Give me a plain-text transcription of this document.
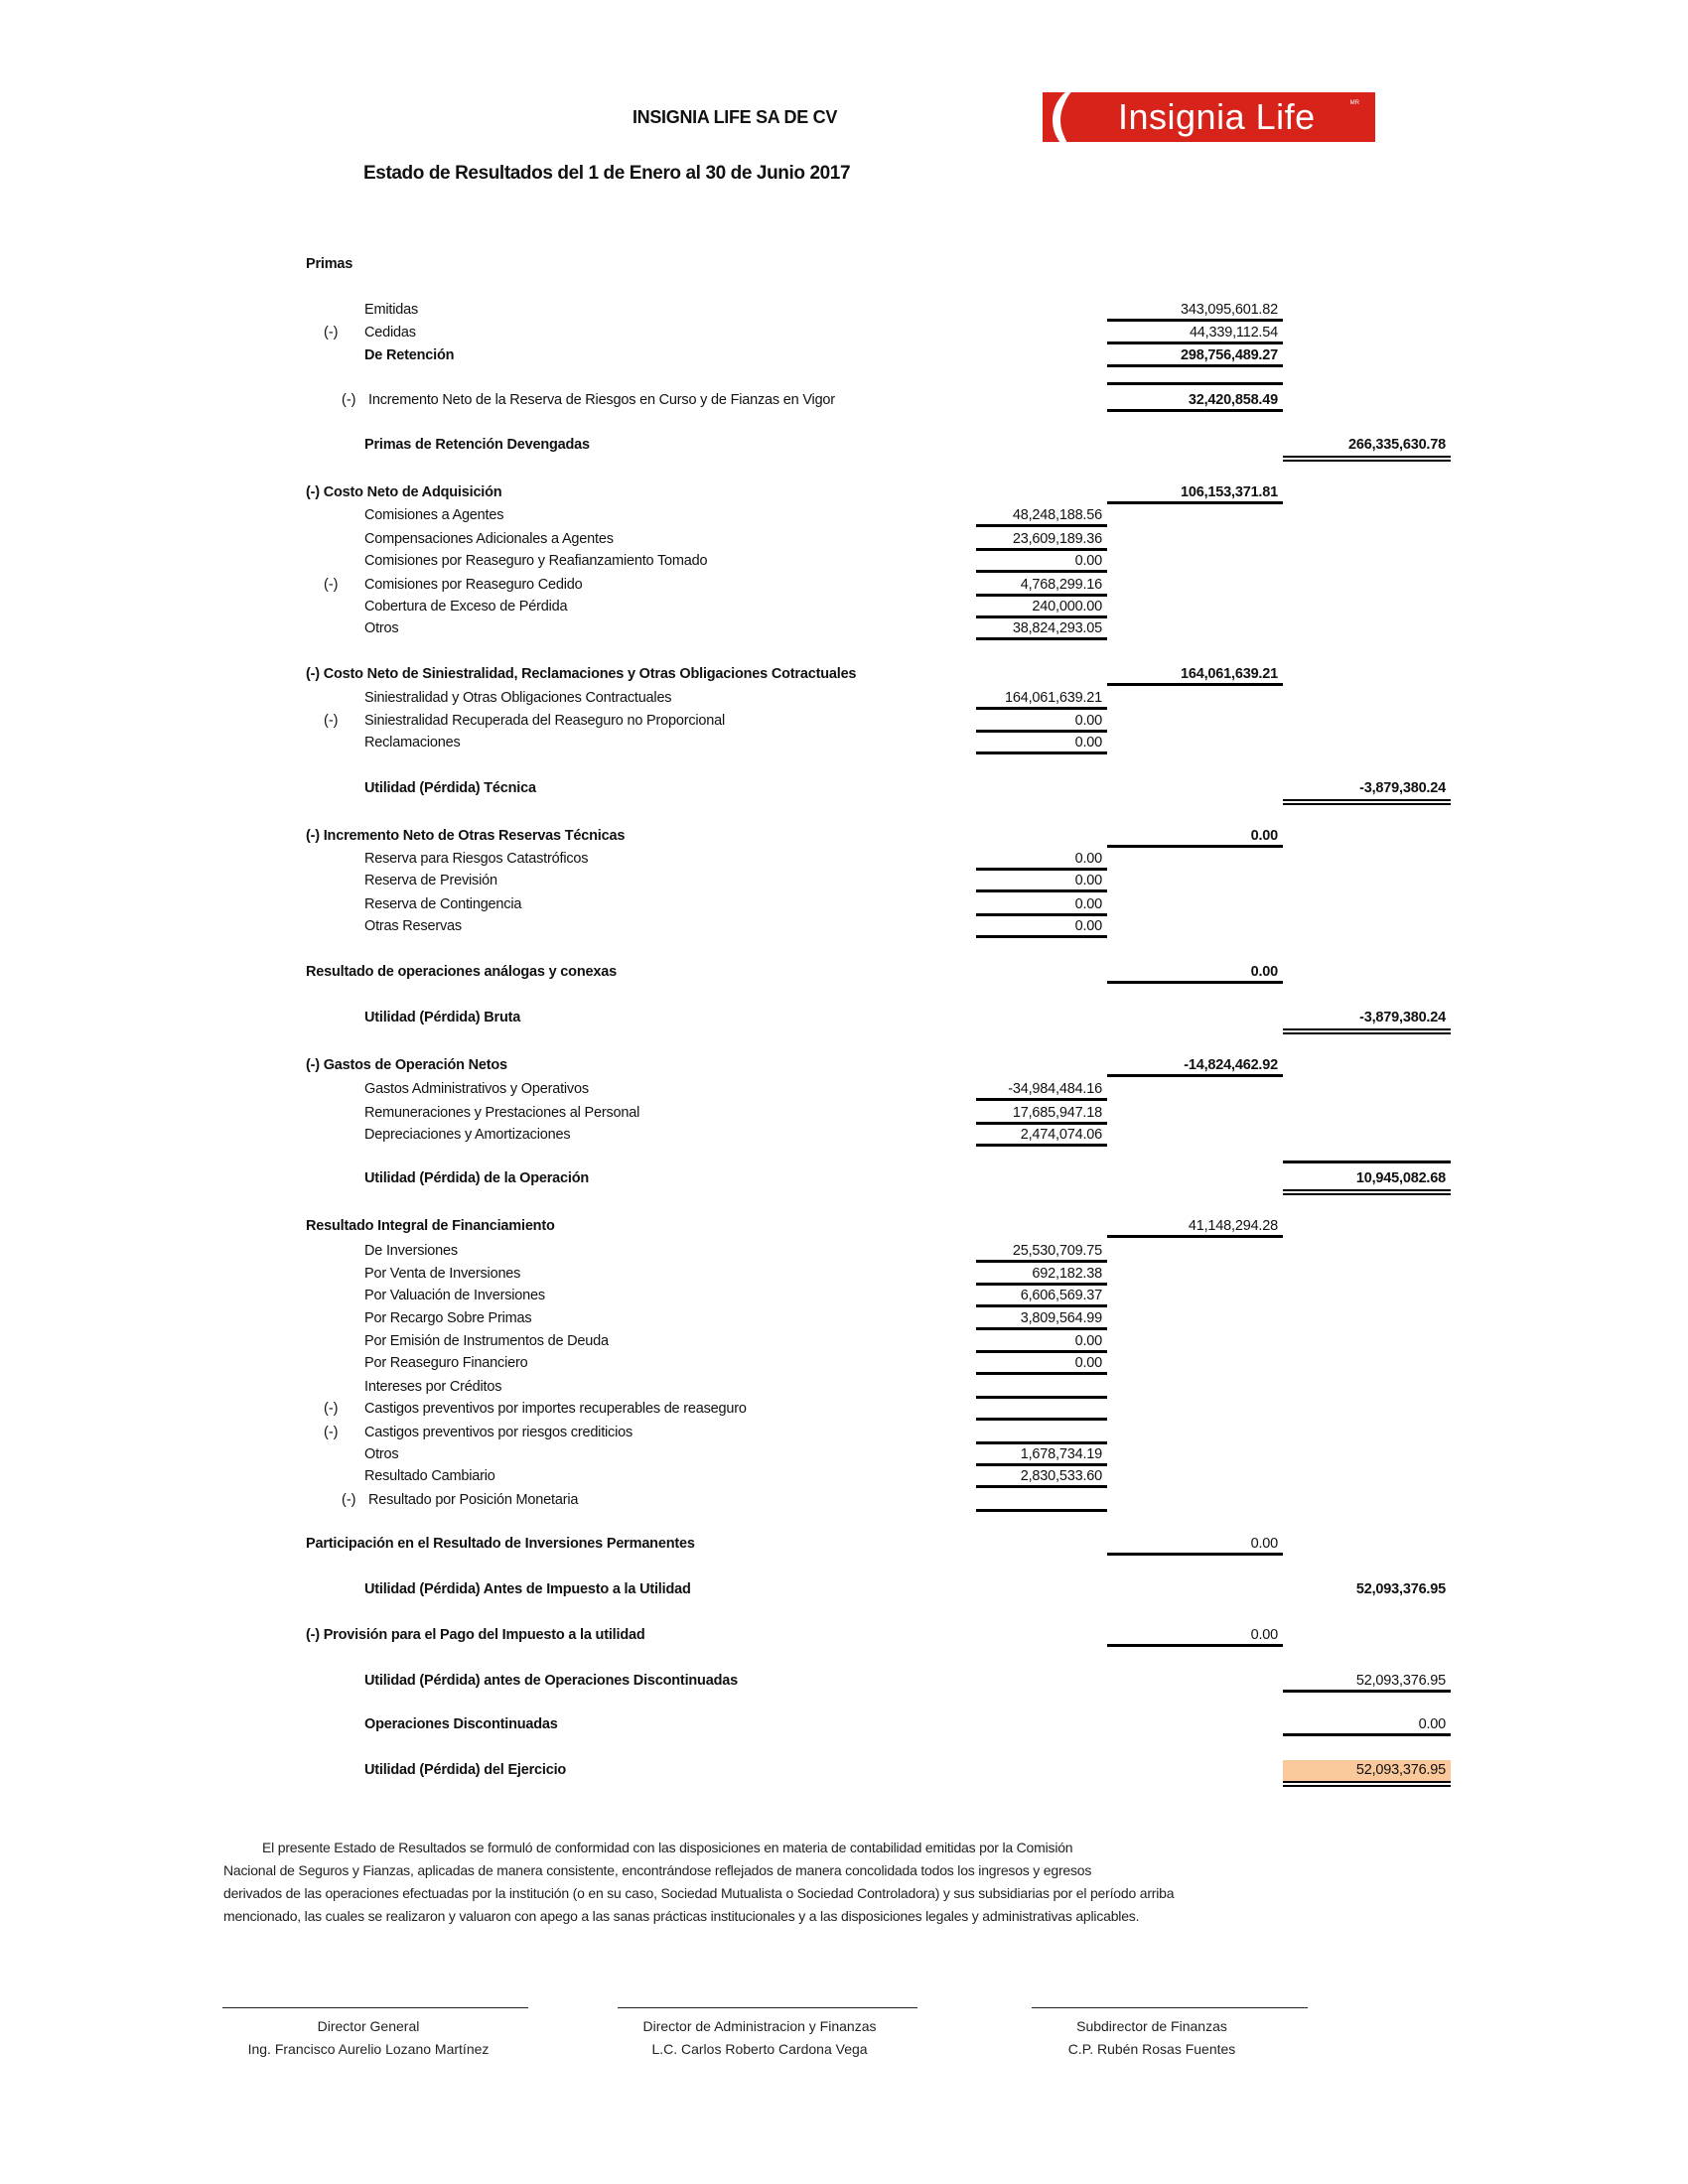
INSIGNIA LIFE SA DE CV	Insignia Life	MR
Estado de Resultados del 1 de Enero al 30 de Junio 2017
Primas
Emitidas	343,095,601.82
(-) Cedidas	44,339,112.54
De Retención	298,756,489.27
(-) Incremento Neto de la Reserva de Riesgos en Curso y de Fianzas en Vigor	32,420,858.49
Primas de Retención Devengadas	266,335,630.78
(-) Costo Neto de Adquisición	106,153,371.81
Comisiones a Agentes	48,248,188.56
Compensaciones Adicionales a Agentes	23,609,189.36
Comisiones por Reaseguro y Reafianzamiento Tomado	0.00
(-) Comisiones por Reaseguro Cedido	4,768,299.16
Cobertura de Exceso de Pérdida	240,000.00
Otros	38,824,293.05
(-) Costo Neto de Siniestralidad, Reclamaciones y Otras Obligaciones Cotractuales	164,061,639.21
Siniestralidad y Otras Obligaciones Contractuales	164,061,639.21
(-) Siniestralidad Recuperada del Reaseguro no Proporcional	0.00
Reclamaciones	0.00
Utilidad (Pérdida) Técnica	-3,879,380.24
(-) Incremento Neto de Otras Reservas Técnicas	0.00
Reserva para Riesgos Catastróficos	0.00
Reserva de Previsión	0.00
Reserva de Contingencia	0.00
Otras Reservas	0.00
Resultado de operaciones análogas y conexas	0.00
Utilidad (Pérdida) Bruta	-3,879,380.24
(-) Gastos de Operación Netos	-14,824,462.92
Gastos Administrativos y Operativos	-34,984,484.16
Remuneraciones y Prestaciones al Personal	17,685,947.18
Depreciaciones y Amortizaciones	2,474,074.06
Utilidad (Pérdida) de la Operación	10,945,082.68
Resultado Integral de Financiamiento	41,148,294.28
De Inversiones	25,530,709.75
Por Venta de Inversiones	692,182.38
Por Valuación de Inversiones	6,606,569.37
Por Recargo Sobre Primas	3,809,564.99
Por Emisión de Instrumentos de Deuda	0.00
Por Reaseguro Financiero	0.00
Intereses por Créditos
(-) Castigos preventivos por importes recuperables de reaseguro
(-) Castigos preventivos por riesgos crediticios
Otros	1,678,734.19
Resultado Cambiario	2,830,533.60
(-) Resultado por Posición Monetaria
Participación en el Resultado de Inversiones Permanentes	0.00
Utilidad (Pérdida) Antes de Impuesto a la Utilidad	52,093,376.95
(-) Provisión para el Pago del Impuesto a la utilidad	0.00
Utilidad (Pérdida) antes de Operaciones Discontinuadas	52,093,376.95
Operaciones Discontinuadas	0.00
Utilidad (Pérdida) del Ejercicio	52,093,376.95
El presente Estado de Resultados se formuló de conformidad con las disposiciones en materia de contabilidad emitidas por la Comisión
Nacional de Seguros y Fianzas, aplicadas de manera consistente, encontrándose reflejados de manera concolidada todos los ingresos y egresos
derivados de las operaciones efectuadas por la institución (o en su caso, Sociedad Mutualista o Sociedad Controladora) y sus subsidiarias por el período arriba
mencionado, las cuales se realizaron y valuaron con apego a las sanas prácticas institucionales y a las disposiciones legales y administrativas aplicables.
Director General
Ing. Francisco Aurelio Lozano Martínez
Director de Administracion y Finanzas
L.C. Carlos Roberto Cardona Vega
Subdirector de Finanzas
C.P. Rubén Rosas Fuentes
